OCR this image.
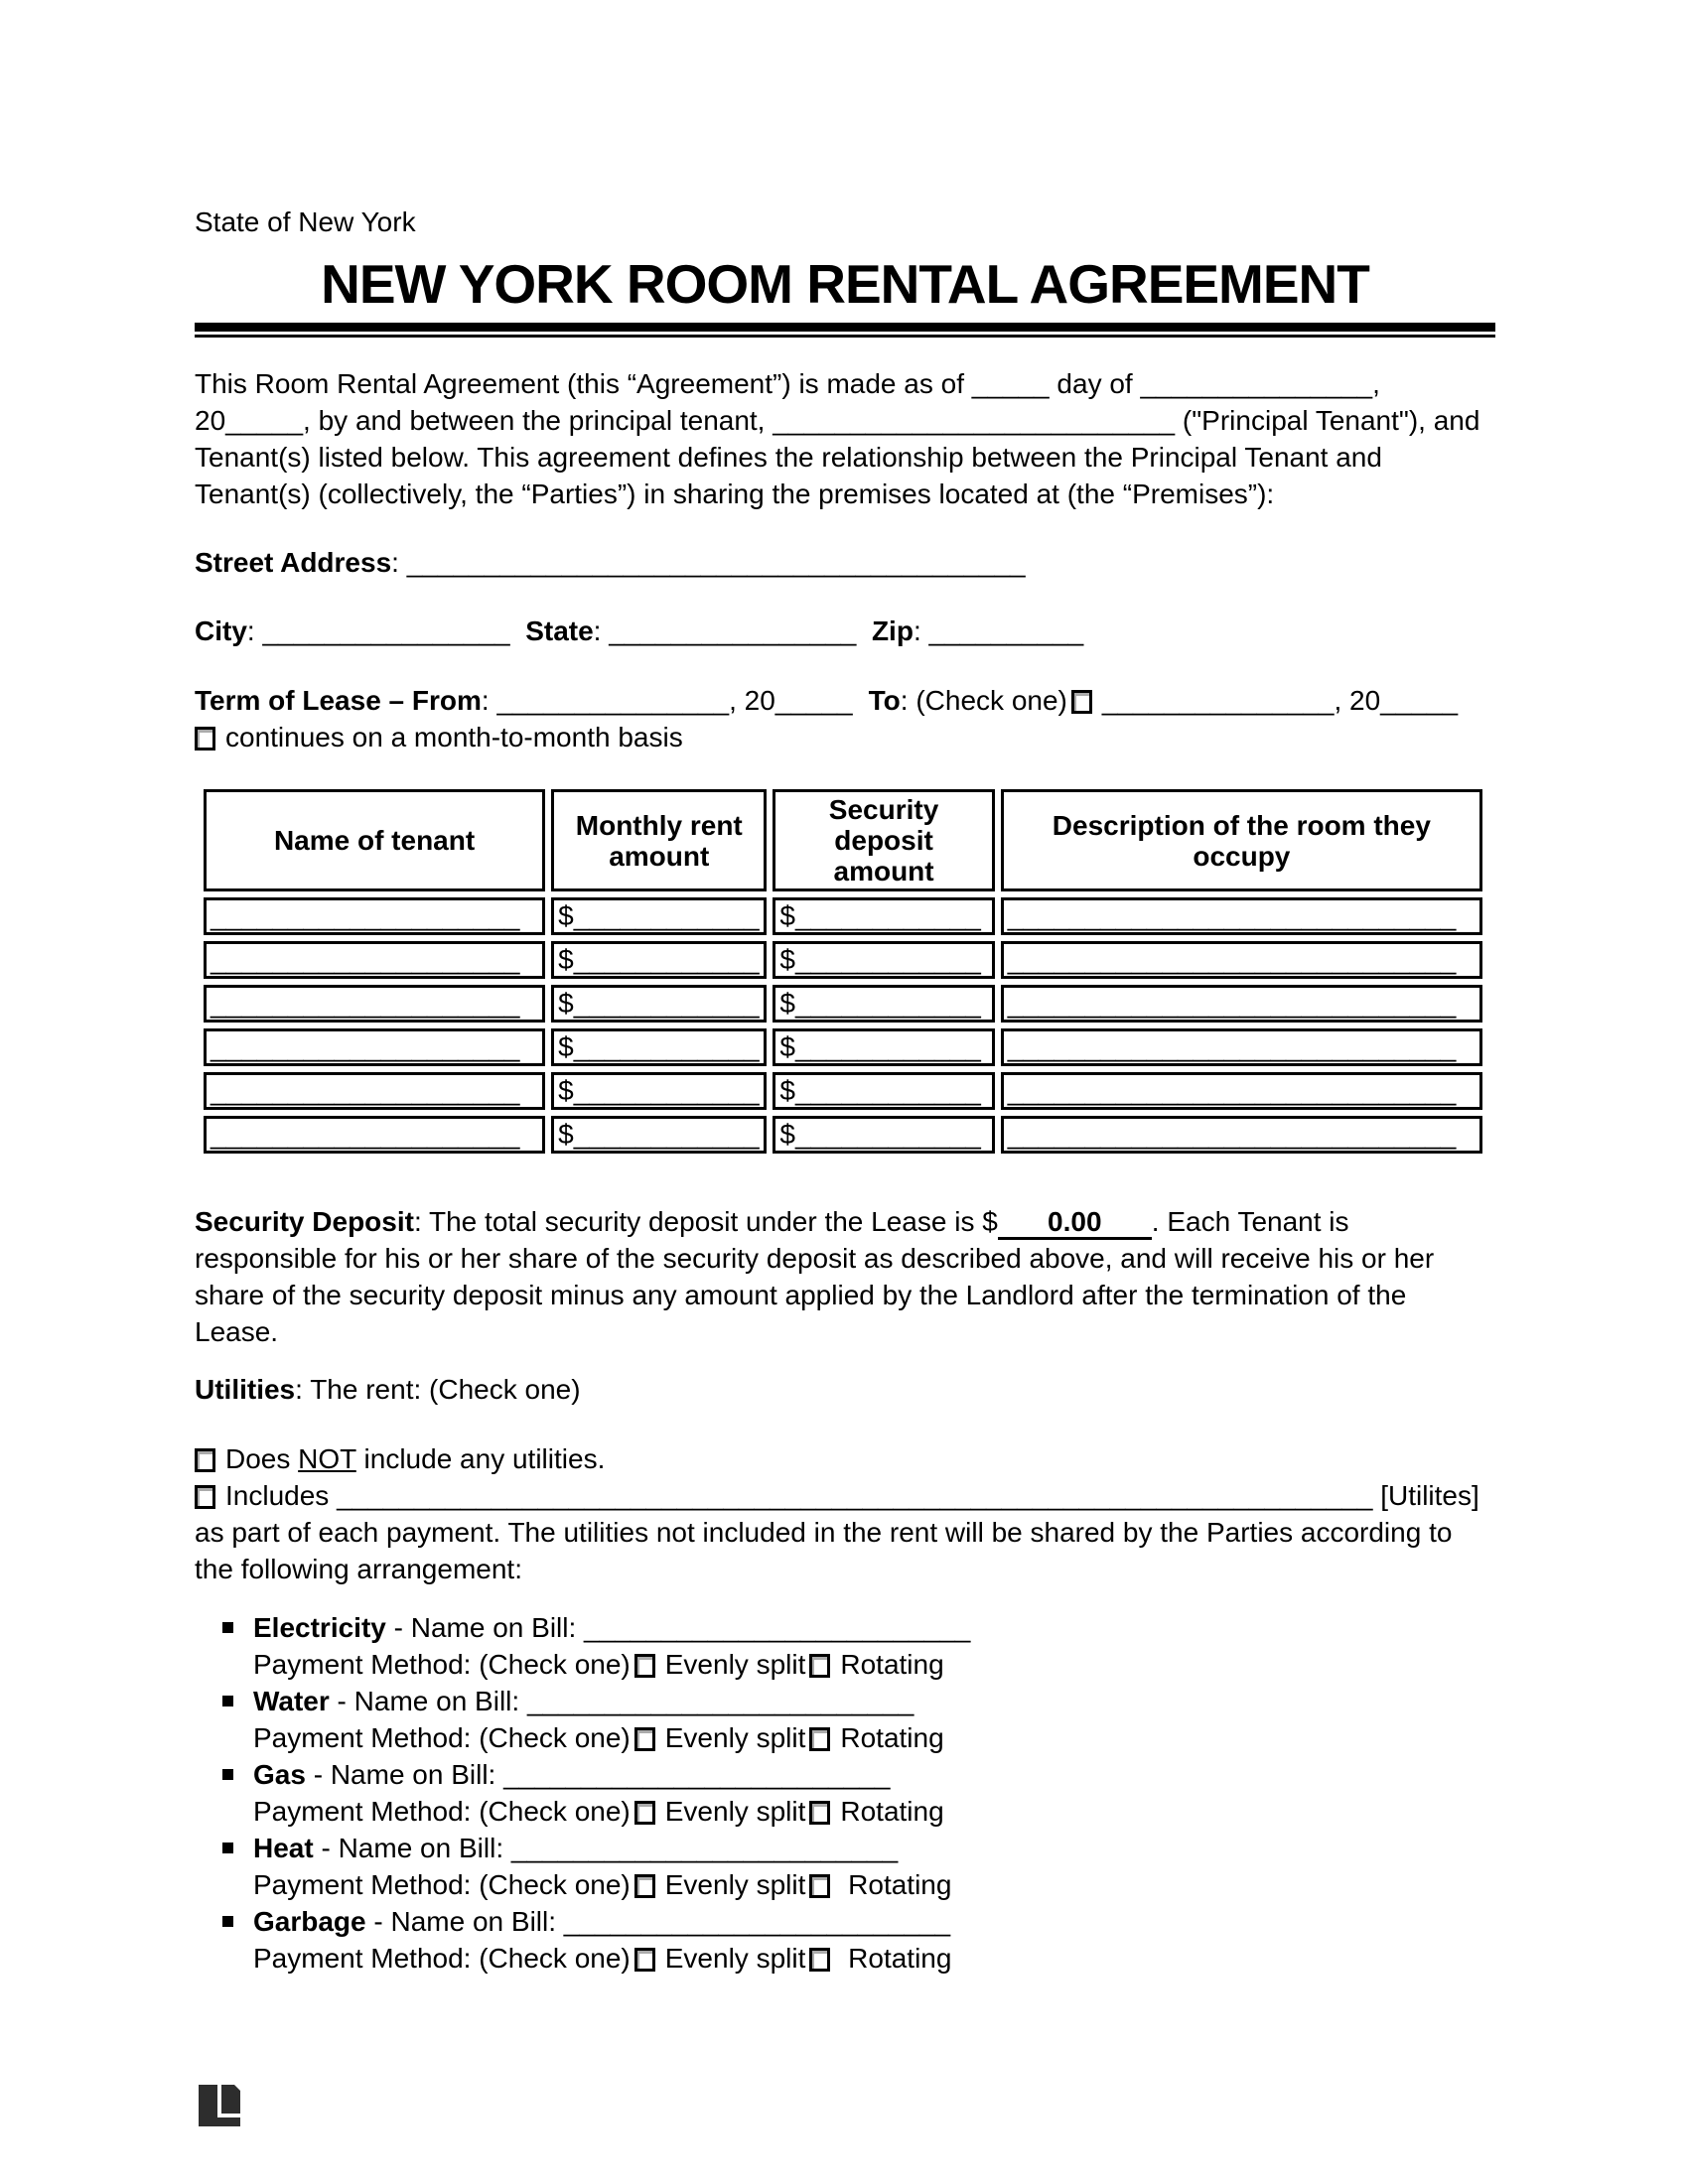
State of New York
NEW YORK ROOM RENTAL AGREEMENT
This Room Rental Agreement (this “Agreement”) is made as of _____ day of _______________,
20_____, by and between the principal tenant, __________________________ ("Principal Tenant"), and
Tenant(s) listed below. This agreement defines the relationship between the Principal Tenant and
Tenant(s) (collectively, the “Parties”) in sharing the premises located at (the “Premises”):
Street Address: ________________________________________
City: ________________ State: ________________ Zip: __________
Term of Lease – From: _______________, 20_____ To: (Check one) _______________, 20_____
continues on a month-to-month basis
Name of tenant	Monthly rent amount	Security deposit amount	Description of the room they occupy
____________________	$____________	$____________	_____________________________
____________________	$____________	$____________	_____________________________
____________________	$____________	$____________	_____________________________
____________________	$____________	$____________	_____________________________
____________________	$____________	$____________	_____________________________
____________________	$____________	$____________	_____________________________
Security Deposit: The total security deposit under the Lease is $ 0.00 . Each Tenant is
responsible for his or her share of the security deposit as described above, and will receive his or her
share of the security deposit minus any amount applied by the Landlord after the termination of the
Lease.
Utilities: The rent: (Check one)
Does NOT include any utilities.
Includes ___________________________________________________________________ [Utilites]
as part of each payment. The utilities not included in the rent will be shared by the Parties according to
the following arrangement:
Electricity - Name on Bill: _________________________
Payment Method: (Check one) Evenly split Rotating
Water - Name on Bill: _________________________
Payment Method: (Check one) Evenly split Rotating
Gas - Name on Bill: _________________________
Payment Method: (Check one) Evenly split Rotating
Heat - Name on Bill: _________________________
Payment Method: (Check one) Evenly split Rotating
Garbage - Name on Bill: _________________________
Payment Method: (Check one) Evenly split Rotating
